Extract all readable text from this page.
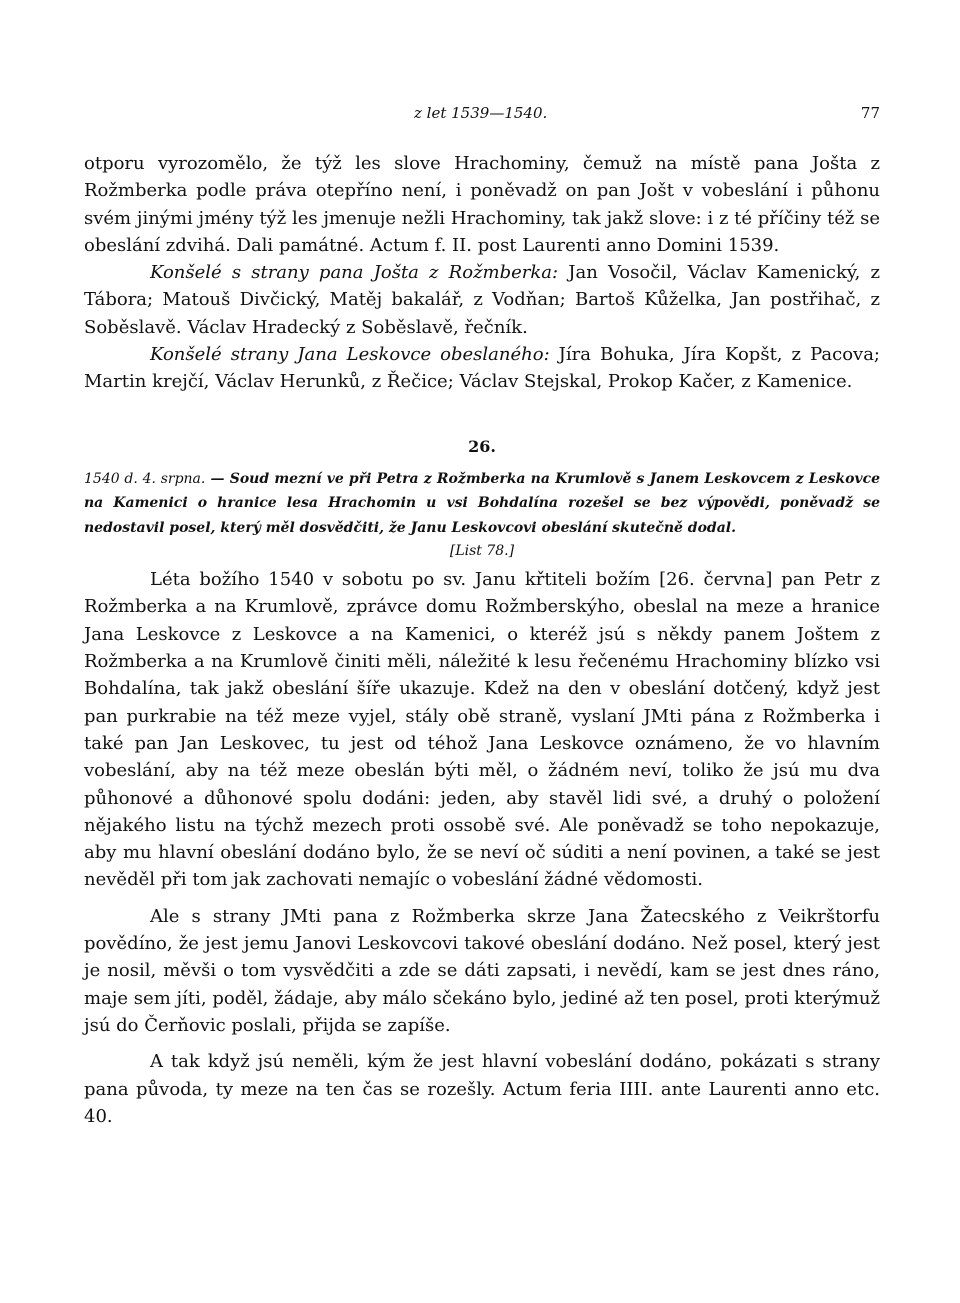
z let 1539—1540.	77

otporu vyrozomělo, že týž les slove Hrachominy, čemuž na místě pana Jošta z Rožmberka podle práva otepříno není, i poněvadž on pan Jošt v vobeslání i půhonu svém jinými jmény týž les jmenuje nežli Hrachominy, tak jakž slove: i z té příčiny též se obeslání zdvihá. Dali památné. Actum f. II. post Laurenti anno Domini 1539.

Konšelé s strany pana Jošta z Rožmberka: Jan Vosočil, Václav Kamenický, z Tábora; Matouš Divčický, Matěj bakalář, z Vodňan; Bartoš Kůželka, Jan postřihač, z Soběslavě. Václav Hradecký z Soběslavě, řečník.

Konšelé strany Jana Leskovce obeslaného: Jíra Bohuka, Jíra Kopšt, z Pacova; Martin krejčí, Václav Herunků, z Řečice; Václav Stejskal, Prokop Kačer, z Kamenice.

26.
1540 d. 4. srpna. — Soud mezní ve při Petra z Rožmberka na Krumlově s Janem Leskovcem z Leskovce na Kamenici o hranice lesa Hrachomin u vsi Bohdalína rozešel se bez výpovědi, poněvadž se nedostavil posel, který měl dosvědčiti, že Janu Leskovcovi obeslání skutečně dodal.
[List 78.]

Léta božího 1540 v sobotu po sv. Janu křtiteli božím [26. června] pan Petr z Rožmberka a na Krumlově, zprávce domu Rožmberskýho, obeslal na meze a hranice Jana Leskovce z Leskovce a na Kamenici, o kteréž jsú s někdy panem Joštem z Rožmberka a na Krumlově činiti měli, náležité k lesu řečenému Hrachominy blízko vsi Bohdalína, tak jakž obeslání šíře ukazuje. Kdež na den v obeslání dotčený, když jest pan purkrabie na též meze vyjel, stály obě straně, vyslaní JMti pána z Rožmberka i také pan Jan Leskovec, tu jest od téhož Jana Leskovce oznámeno, že vo hlavním vobeslání, aby na též meze obeslán býti měl, o žádném neví, toliko že jsú mu dva půhonové a důhonové spolu dodáni: jeden, aby stavěl lidi své, a druhý o položení nějakého listu na týchž mezech proti ossobě své. Ale poněvadž se toho nepokazuje, aby mu hlavní obeslání dodáno bylo, že se neví oč súditi a není povinen, a také se jest nevěděl při tom jak zachovati nemajíc o vobeslání žádné vědomosti.

Ale s strany JMti pana z Rožmberka skrze Jana Žatecského z Veikrštorfu povědíno, že jest jemu Janovi Leskovcovi takové obeslání dodáno. Než posel, který jest je nosil, měvši o tom vysvědčiti a zde se dáti zapsati, i nevědí, kam se jest dnes ráno, maje sem jíti, poděl, žádaje, aby málo sčekáno bylo, jediné až ten posel, proti kterýmuž jsú do Čerňovic poslali, přijda se zapíše.

A tak když jsú neměli, kým že jest hlavní vobeslání dodáno, pokázati s strany pana původa, ty meze na ten čas se rozešly. Actum feria IIII. ante Laurenti anno etc. 40.
